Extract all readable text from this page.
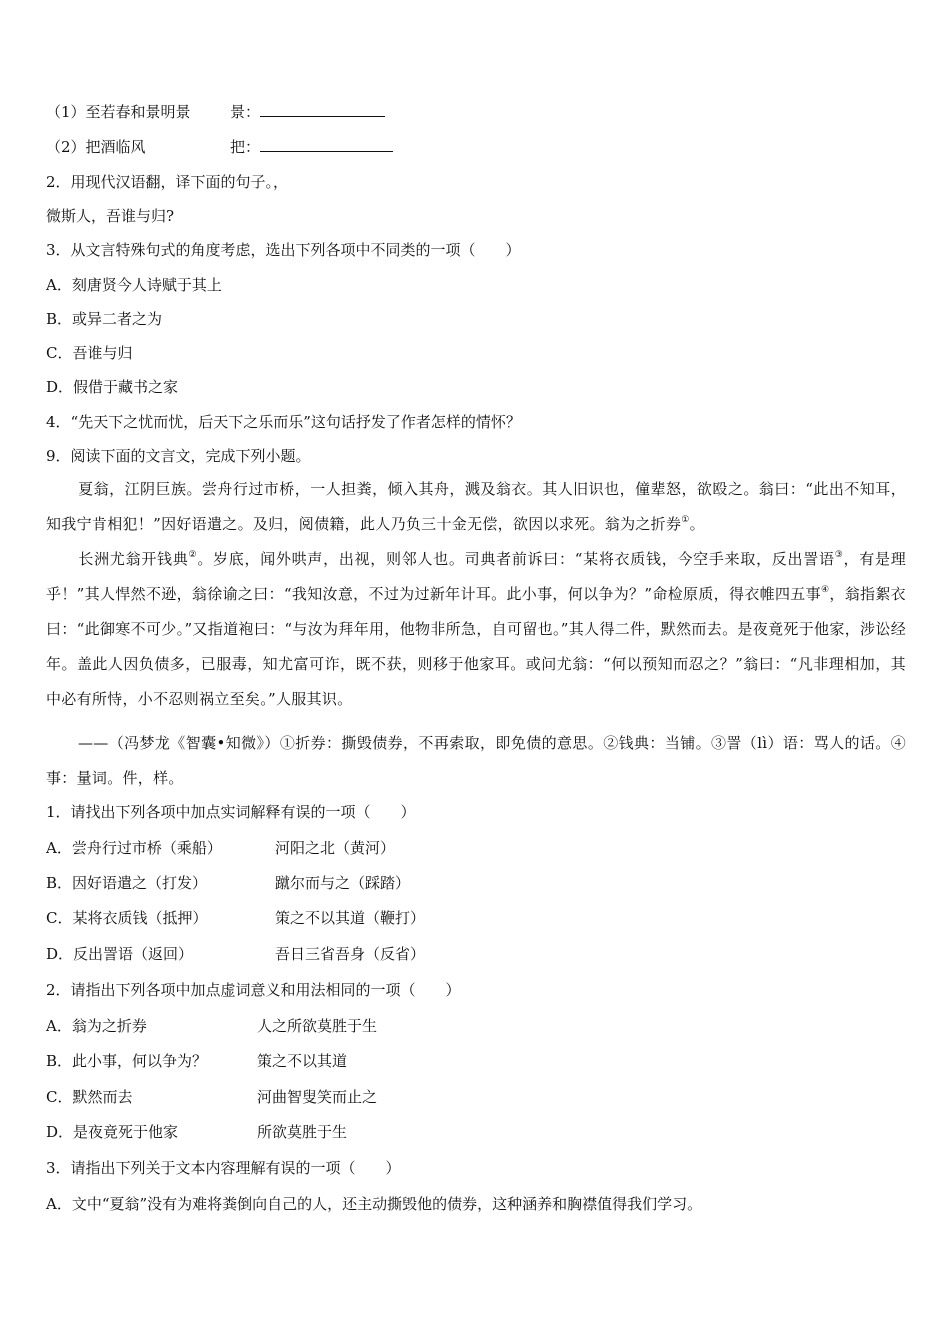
（1）至若春和景明景	景：
（2）把酒临风	把：
2．用现代汉语翻，译下面的句子。，
微斯人，吾谁与归?
3．从文言特殊句式的角度考虑，选出下列各项中不同类的一项（　　）
A．刻唐贤今人诗赋于其上
B．或异二者之为
C．吾谁与归
D．假借于藏书之家
4．“先天下之忧而忧，后天下之乐而乐”这句话抒发了作者怎样的情怀？
9．阅读下面的文言文，完成下列小题。
夏翁，江阴巨族。尝舟行过市桥，一人担粪，倾入其舟，溅及翁衣。其人旧识也，僮辈怒，欲殴之。翁曰：“此出不知耳，知我宁肯相犯！”因好语遣之。及归，阅债籍，此人乃负三十金无偿，欲因以求死。翁为之折券①。
长洲尤翁开钱典②。岁底，闻外哄声，出视，则邻人也。司典者前诉曰：“某将衣质钱，今空手来取，反出詈语③，有是理乎！”其人悍然不逊，翁徐谕之曰：“我知汝意，不过为过新年计耳。此小事，何以争为？”命检原质，得衣帷四五事④，翁指絮衣曰：“此御寒不可少。”又指道袍曰：“与汝为拜年用，他物非所急，自可留也。”其人得二件，默然而去。是夜竟死于他家，涉讼经年。盖此人因负债多，已服毒，知尤富可诈，既不获，则移于他家耳。或问尤翁：“何以预知而忍之？”翁曰：“凡非理相加，其中必有所恃，小不忍则祸立至矣。”人服其识。
——（冯梦龙《智囊•知微》）①折券：撕毁债券，不再索取，即免债的意思。②钱典：当铺。③詈（lì）语：骂人的话。④事：量词。件，样。
1．请找出下列各项中加点实词解释有误的一项（　　）
A．尝舟行过市桥（乘船）	河阳之北（黄河）
B．因好语遣之（打发）	蹴尔而与之（踩踏）
C．某将衣质钱（抵押）	策之不以其道（鞭打）
D．反出詈语（返回）	吾日三省吾身（反省）
2．请指出下列各项中加点虚词意义和用法相同的一项（　　）
A．翁为之折券	人之所欲莫胜于生
B．此小事，何以争为？	策之不以其道
C．默然而去	河曲智叟笑而止之
D．是夜竟死于他家	所欲莫胜于生
3．请指出下列关于文本内容理解有误的一项（　　）
A．文中“夏翁”没有为难将粪倒向自己的人，还主动撕毁他的债券，这种涵养和胸襟值得我们学习。
